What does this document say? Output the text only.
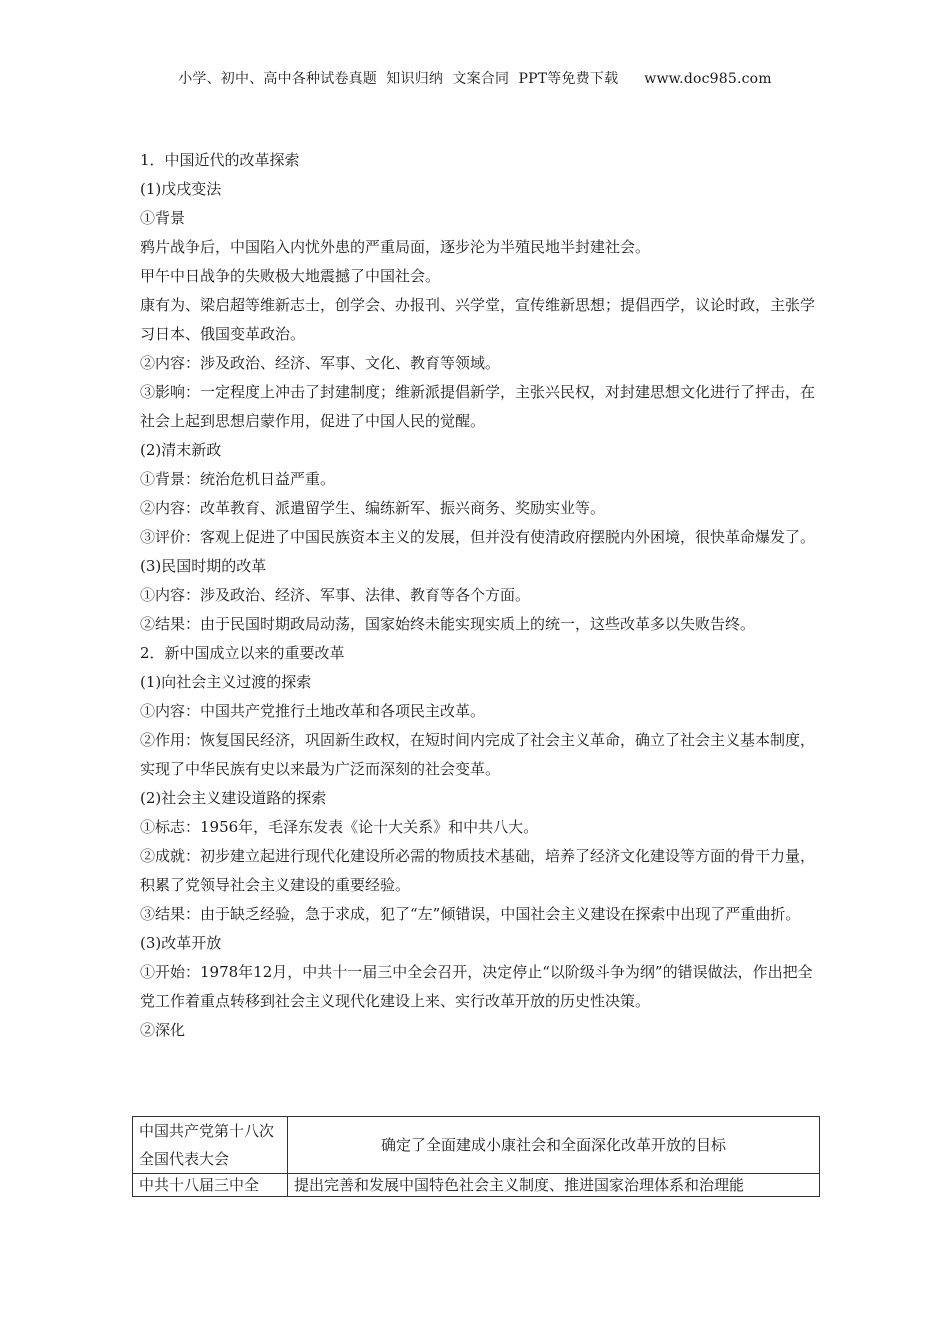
小学、初中、高中各种试卷真题  知识归纳  文案合同  PPT等免费下载 www.doc985.com

1．中国近代的改革探索

(1)戊戌变法

①背景

鸦片战争后，中国陷入内忧外患的严重局面，逐步沦为半殖民地半封建社会。

甲午中日战争的失败极大地震撼了中国社会。

康有为、梁启超等维新志士，创学会、办报刊、兴学堂，宣传维新思想；提倡西学，议论时政，主张学习日本、俄国变革政治。

②内容：涉及政治、经济、军事、文化、教育等领域。

③影响：一定程度上冲击了封建制度；维新派提倡新学，主张兴民权，对封建思想文化进行了抨击，在社会上起到思想启蒙作用，促进了中国人民的觉醒。

(2)清末新政

①背景：统治危机日益严重。

②内容：改革教育、派遣留学生、编练新军、振兴商务、奖励实业等。

③评价：客观上促进了中国民族资本主义的发展，但并没有使清政府摆脱内外困境，很快革命爆发了。

(3)民国时期的改革

①内容：涉及政治、经济、军事、法律、教育等各个方面。

②结果：由于民国时期政局动荡，国家始终未能实现实质上的统一，这些改革多以失败告终。

2．新中国成立以来的重要改革

(1)向社会主义过渡的探索

①内容：中国共产党推行土地改革和各项民主改革。

②作用：恢复国民经济，巩固新生政权，在短时间内完成了社会主义革命，确立了社会主义基本制度，实现了中华民族有史以来最为广泛而深刻的社会变革。

(2)社会主义建设道路的探索

①标志：1956年，毛泽东发表《论十大关系》和中共八大。

②成就：初步建立起进行现代化建设所必需的物质技术基础，培养了经济文化建设等方面的骨干力量，积累了党领导社会主义建设的重要经验。

③结果：由于缺乏经验，急于求成，犯了“左”倾错误，中国社会主义建设在探索中出现了严重曲折。

(3)改革开放

①开始：1978年12月，中共十一届三中全会召开，决定停止“以阶级斗争为纲”的错误做法，作出把全党工作着重点转移到社会主义现代化建设上来、实行改革开放的历史性决策。

②深化

中国共产党第十八次全国代表大会	确定了全面建成小康社会和全面深化改革开放的目标
中共十八届三中全	提出完善和发展中国特色社会主义制度、推进国家治理体系和治理能
